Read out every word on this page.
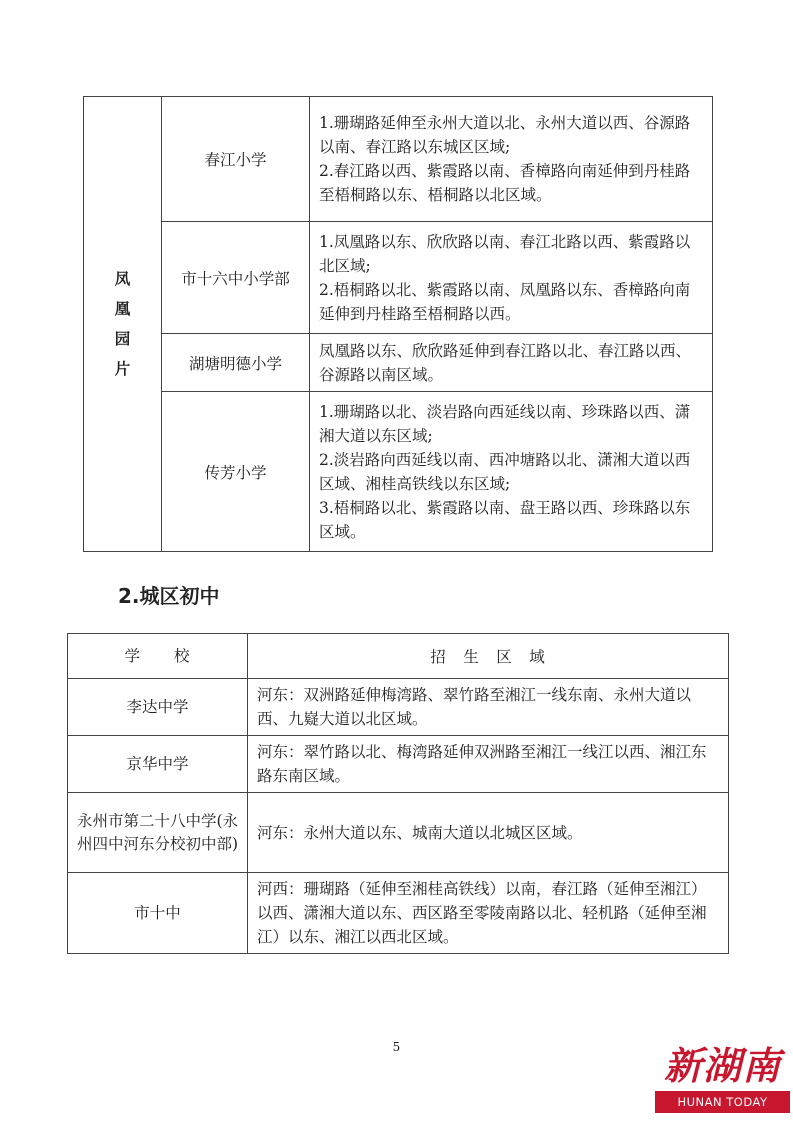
凤凰园片	春江小学	1.珊瑚路延伸至永州大道以北、永州大道以西、谷源路以南、春江路以东城区区域;
2.春江路以西、紫霞路以南、香樟路向南延伸到丹桂路至梧桐路以东、梧桐路以北区域。

	市十六中小学部	1.凤凰路以东、欣欣路以南、春江北路以西、紫霞路以北区域;
2.梧桐路以北、紫霞路以南、凤凰路以东、香樟路向南延伸到丹桂路至梧桐路以西。

	湖塘明德小学	凤凰路以东、欣欣路延伸到春江路以北、春江路以西、谷源路以南区域。

	传芳小学	1.珊瑚路以北、淡岩路向西延线以南、珍珠路以西、潇湘大道以东区域;
2.淡岩路向西延线以南、西冲塘路以北、潇湘大道以西区域、湘桂高铁线以东区域;
3.梧桐路以北、紫霞路以南、盘王路以西、珍珠路以东区域。
2.城区初中
学　　校	招　生　区　域
李达中学	河东：双洲路延伸梅湾路、翠竹路至湘江一线东南、永州大道以西、九嶷大道以北区域。
京华中学	河东：翠竹路以北、梅湾路延伸双洲路至湘江一线江以西、湘江东路东南区域。
永州市第二十八中学(永州四中河东分校初中部)	河东：永州大道以东、城南大道以北城区区域。
市十中	河西：珊瑚路（延伸至湘桂高铁线）以南，春江路（延伸至湘江）以西、潇湘大道以东、西区路至零陵南路以北、轻机路（延伸至湘江）以东、湘江以西北区域。
5	新湖南
HUNAN TODAY
